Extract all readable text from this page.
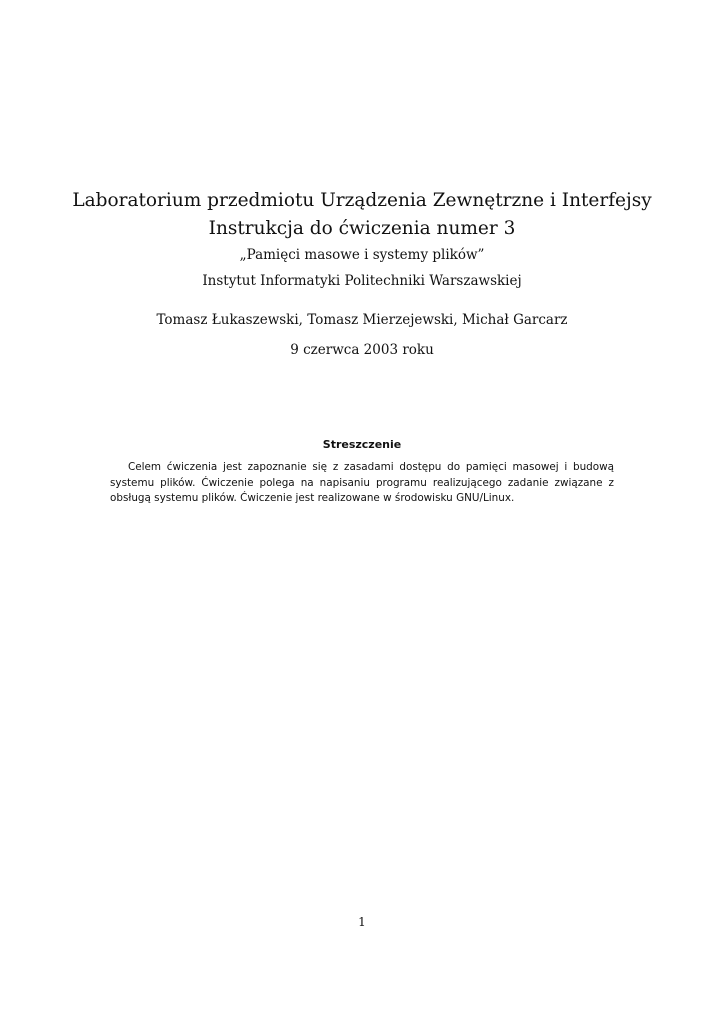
Laboratorium przedmiotu Urządzenia Zewnętrzne i Interfejsy
Instrukcja do ćwiczenia numer 3
„Pamięci masowe i systemy plików”
Instytut Informatyki Politechniki Warszawskiej
Tomasz Łukaszewski, Tomasz Mierzejewski, Michał Garcarz
9 czerwca 2003 roku
Streszczenie
Celem ćwiczenia jest zapoznanie się z zasadami dostępu do pamięci masowej i budową systemu plików. Ćwiczenie polega na napisaniu programu realizującego zadanie związane z obsługą systemu plików. Ćwiczenie jest realizowane w środowisku GNU/Linux.
1
